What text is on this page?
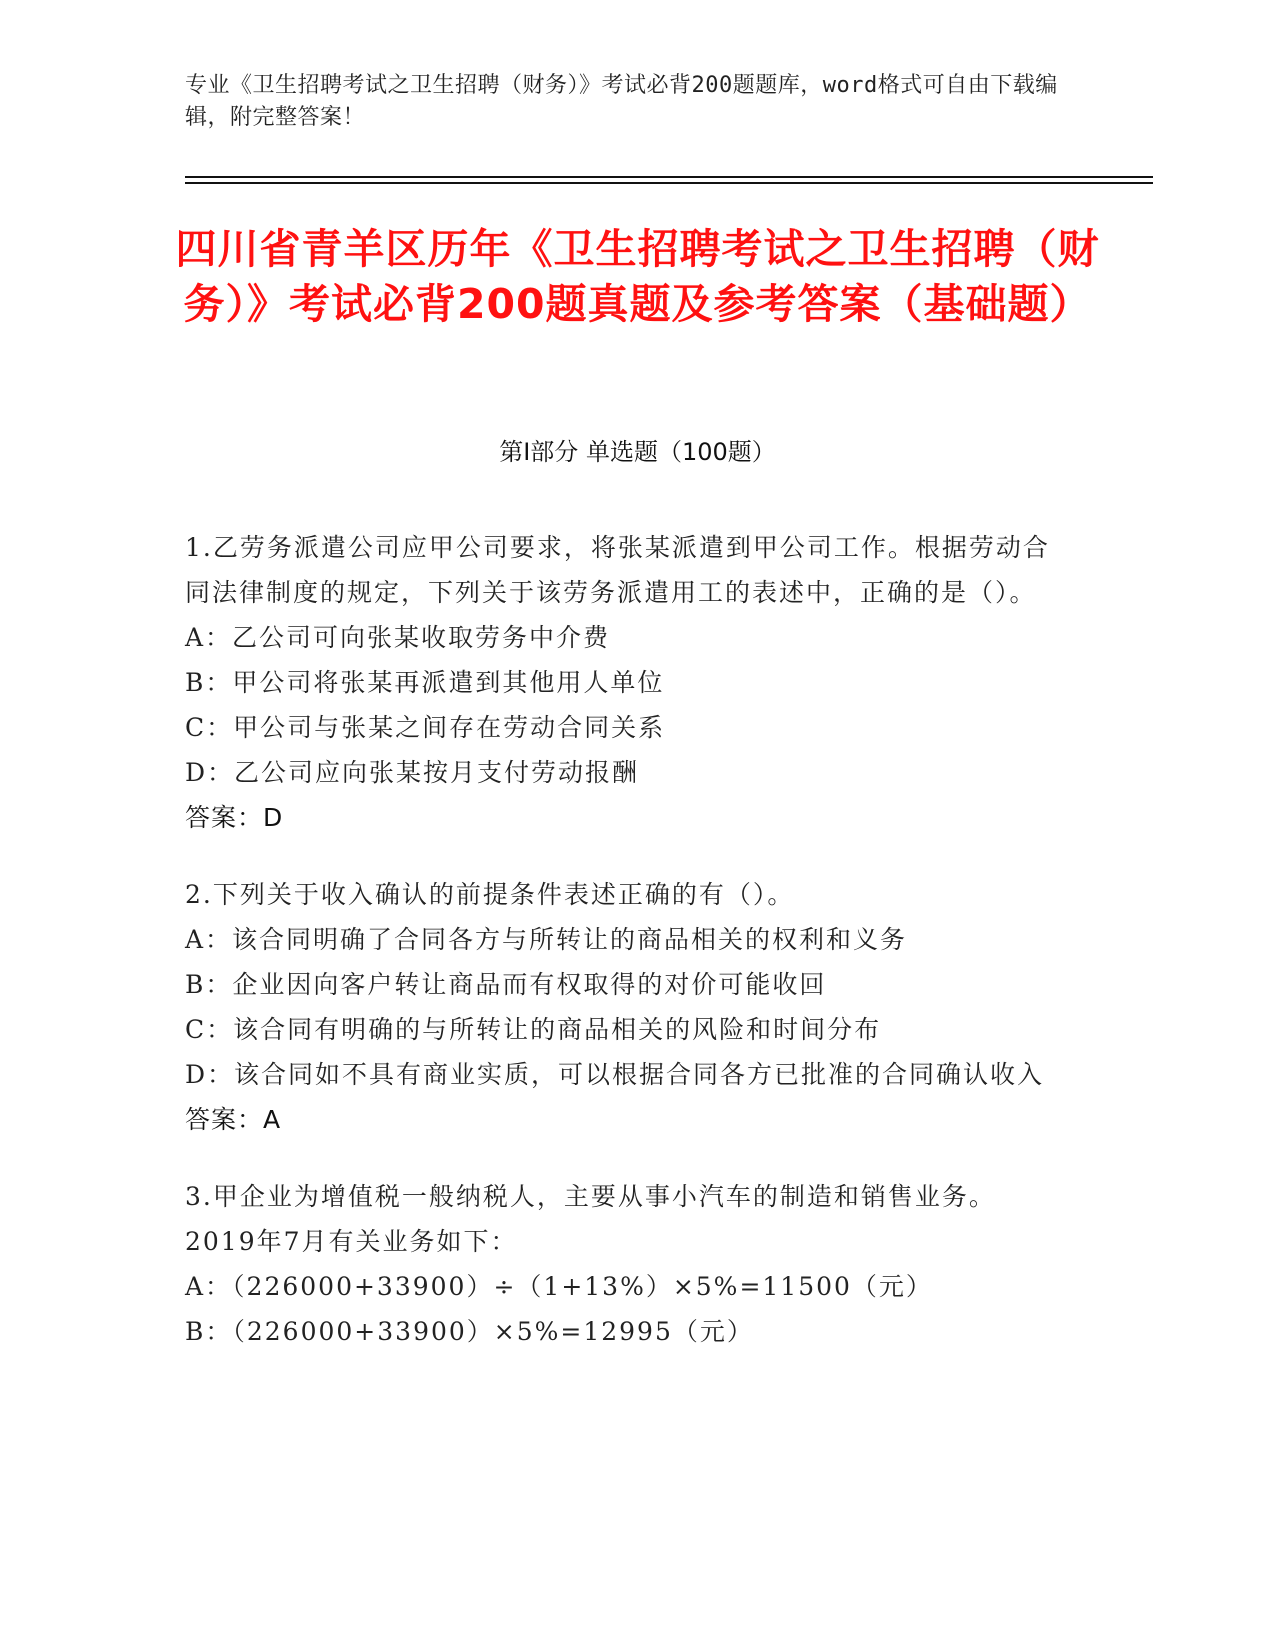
专业《卫生招聘考试之卫生招聘（财务）》考试必背200题题库，word格式可自由下载编辑，附完整答案！
四川省青羊区历年《卫生招聘考试之卫生招聘（财务）》考试必背200题真题及参考答案（基础题）
第Ⅰ部分 单选题（100题）

1.乙劳务派遣公司应甲公司要求，将张某派遣到甲公司工作。根据劳动合同法律制度的规定，下列关于该劳务派遣用工的表述中，正确的是（）。

A：乙公司可向张某收取劳务中介费

B：甲公司将张某再派遣到其他用人单位

C：甲公司与张某之间存在劳动合同关系

D：乙公司应向张某按月支付劳动报酬

答案：D

2.下列关于收入确认的前提条件表述正确的有（）。

A：该合同明确了合同各方与所转让的商品相关的权利和义务

B：企业因向客户转让商品而有权取得的对价可能收回

C：该合同有明确的与所转让的商品相关的风险和时间分布

D：该合同如不具有商业实质，可以根据合同各方已批准的合同确认收入

答案：A

3.甲企业为增值税一般纳税人，主要从事小汽车的制造和销售业务。2019年7月有关业务如下：

A：（226000+33900）÷（1+13%）×5%=11500（元）

B：（226000+33900）×5%=12995（元）
